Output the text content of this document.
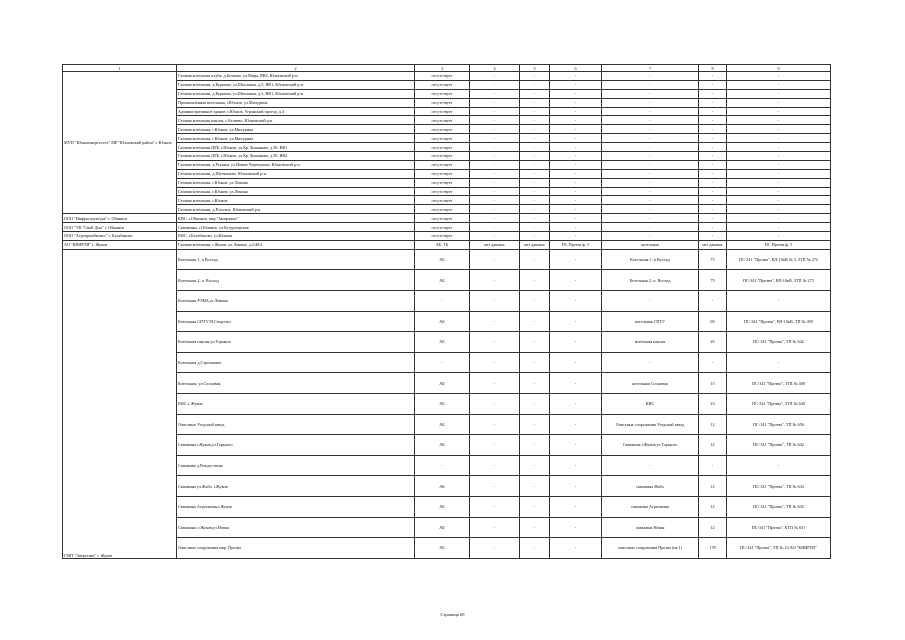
1	2	3	4	5	6	7	8	9
МУП "Юхновэнергосеть" МР "Юхновский район" г. Юхнов	Газовая котельная клуба, д.Беляево, ул.Мира, ВВ2, Юхновский р-н	отсутствует	-	-	-	-	-	-
	Газовая котельная, д.Куркино, ул.Школьная, д.5, ВВ1, Юхновский р-н	отсутствует	-	-	-	-	-	-
	Газовая котельная, д.Куркино, ул.Школьная, д.5, ВВ1, Юхновский р-н	отсутствует	-	-	-	-	-	-
	Промышленная котельная, г.Юхнов, ул.Мичурина	отсутствует	-	-	-	-	-	-
	Административное здание, г.Юхнов, Угранский проезд, д.4	отсутствует	-	-	-	-	-	-
	Газовая котельная школы, с.Беляево, Юхновский р-н	отсутствует	-	-	-	-	-	-
	Газовая котельная, г.Юхнов, ул.Мичурина	отсутствует	-	-	-	-	-	-
	Газовая котельная, г.Юхнов, ул.Мичурина	отсутствует	-	-	-	-	-	-
	Газовая котельная ЦРБ, г.Юхнов, ул.Кр.Лукьянова, д.50, ВВ1	отсутствует	-	-	-	-	-	-
	Газовая котельная ЦРБ, г.Юхнов, ул.Кр.Лукьянова, д.50, ВВ2	отсутствует	-	-	-	-	-	-
	Газовая котельная, д.Рыляки, ул.Новые Черемушки, Юхновский р-н	отсутствует	-	-	-	-	-	-
	Газовая котельная, д.Щелканово, Юхновский р-н	отсутствует	-	-	-	-	-	-
	Газовая котельная, г.Юхнов, ул.Ленина	отсутствует	-	-	-	-	-	-
	Газовая котельная, г.Юхнов, ул.Ленина	отсутствует	-	-	-	-	-	-
	Газовая котельная, г.Юхнов	отсутствует	-	-	-	-	-	-
	Газовая котельная, д.Плоское, Юхновский р-н	отсутствует	-	-	-	-	-	-
ООО "Инфраструктура" г. Обнинск	КНС, г.Обнинск, мкр."Заовражье"	отсутствует	-	-	-	-	-	-
ООО "УК "Свой Дом" г. Обнинск	Скважины, г.Обнинск, ул.Бутурлинская	отсутствует	-	-	-	-	-	-
ООО "Агропромбизнес" г. Балабаново	КНС, г.Балабаново, ул.Южная	отсутствует	-	-	-	-	-	-
АО "КНИРТИ" г. Жуков	Газовая котельная, г.Жуков, ул.Ленина, д.2/40/2	АБ, ТБ	нет данных	нет данных	ПС Протва ф. 5	котельная	нет данных	ПС Протва ф. 5
ГМП "Энергетик" г. Жуков	Котельная 1, п.Восход	АБ	-	-	-	Котельная 1, п.Восход	75	ПС-341 "Протва", ВЛ-10кВ № 3, ЗТП № 272
	Котельная 2, п. Восход	АБ	-	-	-	Котельная 2, п. Восход	75	ПС-341 "Протва", ВЛ-10кВ, ЗТП № 273
	Котельная РЭМЗ,ул.Ленина	-	-	-	-	-	-	-
	Котельная СПТУ39,Спортзал	АБ	-	-	-	котельная СПТУ	69	ПС-341 "Протва", ВЛ-10кВ, ТП № 459
	Котельная школы,ул.Горького	АБ	-	-	-	котельная школы	20	ПС-341 "Протва", ТП № 642
	Котельная д.Стрелковка	-	-	-	-	-	-	-
	Котельная, ул.Сосновая	АБ	-	-	-	котельная Сосновая	15	ПС-341 "Протва", ЗТП № 400
	КНС г. Жуков	АБ	-	-	-	КНС	23	ПС-341 "Протва", ЗТП № 640
	Очистные Угодский завод	АБ	-	-	-	Очистные сооружения Угодский завод	12	ПС-341 "Протва", ТП № 656
	Скважина г.Жуков,ул.Горького	АБ	-	-	-	Скважина г.Жуков,ул.Горького	12	ПС-341 "Протва", ТП № 642
	Скважина д.Рождествено	-	-	-	-	-	-	-
	Скважина ул.Жабо, г.Жуков	АБ	-	-	-	скважина Жабо	12	ПС-341 "Протва", ТП № 634
	Скважина Агрохимия,г.Жуков	АБ	-	-	-	скважина Агрохимия	12	ПС-341 "Протва", ТП № 635
	Скважина, г.Жуков,ул.Новая	АБ	-	-	-	скважина Новая	12	ПС-341 "Протва", КТП № 651
	Очистные сооружения мкр. Протва	АБ	-	-	-	очистные сооружения Протва (на 1)	178	ПС-341 "Протва", ТП № 14 АО "КНИРТИ"
Страница 69
